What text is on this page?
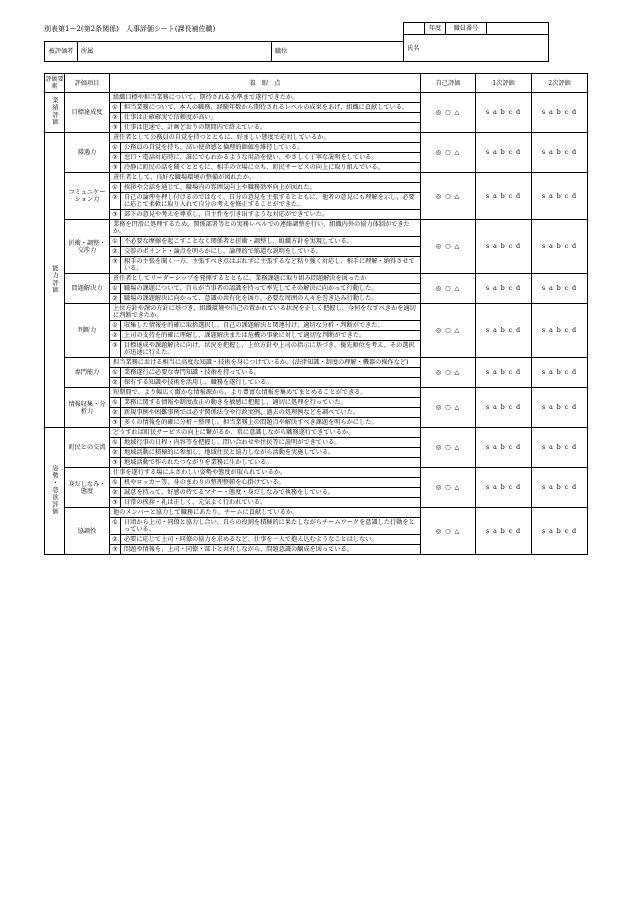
別表第1ー2(第2条関係)　人事評価シート(課長補佐職)
		年度	職員番号	
氏名
被評価者	所属	職位
評価要素	評価項目	着　眼　点		自己評価	1次評価	2次評価
業績評価	目標達成度	組織目標や担当業務について、期待される水準まで遂行できたか。		◎ ○ △	s a b c d	s a b c d
		①	担当業務について、本人の職務、経験年数から期待されるレベルの成果をあげ、組織に貢献している。			
		②	仕事は正確確実で信頼度が高い。			
		③	仕事は迅速で、計画どおりの期間内で終えている。			
能力評価	接遇力	責任者として公務員の自覚を持つとともに、好ましい態度で応対しているか。		◎ ○ △	s a b c d	s a b c d
		①	公務員の自覚を持ち、高い使命感と倫理的価値を維持している。			
		②	窓口・電話対応時に、誰にでもわかるような用語を使い、やさしく丁寧な説明をしている。			
		③	冷静に町民の話を聞くとともに、相手の立場に立ち、町民サービスの向上に取り組んでいる。			
	コミュニケーション力	責任者として、良好な職場環境の整備が図れたか。		◎ ○ △	s a b c d	s a b c d
		①	挨拶や会話を通じて、職場内の雰囲気向上や職務効率向上が図れた。			
		②	自己の論理を押し付けるのではなく、自分の意見を主張するとともに、他者の意見にも理解を示し、必要に応じて柔軟に取り入れて自分の考えを修正することができた。			
		③	部下の意見や考えを尊重し、自主性を引き出すような対応ができていた。			
	折衝・調整・交渉力	業務を円滑に処理するため、関係部署等との実務レベルでの連絡調整を行い、組織内外の協力体制ができたか。		◎ ○ △	s a b c d	s a b c d
		①	不必要な摩擦を起こすことなく関係者と折衝・調整し、組織方針を実現している。			
		②	交渉のポイント・論点を明らかにし、論理的で筋道な説明をしている。			
		③	相手の主張を聞く一方、主張すべき点はぶれずに主張するなど粘り強く対応し、相手に理解・納得させている。			
	問題解決力	責任者としてリーダーシップを発揮するとともに、業務課題に取り組み問題解決を図ったか		◎ ○ △	s a b c d	s a b c d
		①	職場の課題について、自らが当事者の認識を持って率先してその解決に向かって行動した。			
		②	職場の課題解決に向かって、意識の共有化を図り、必要な周囲の人々を巻き込み行動した。			
	判断力	上位方針や課の方針に基づき、組織環境や自己の置かれている状況を正しく把握し、今何をなすべきかを適切に判断できたか。		◎ ○ △	s a b c d	s a b c d
		①	収集した情報を的確に取捨選択し、自己の課題解決と関連付け、適切な分析・判断ができた。			
		②	上司の支持を的確に理解し、課題解決または危機の事象に対して適切な判断ができた。			
		③	目標達成や課題解決に向け、状況を把握し、上位方針や上司の指示に基づき、優先順位を考え、その選択が迅速に行えた。			
	専門能力	担当業務における相当に高度な知識・技術を身につけているか。(法律知識・制度の理解・機器の操作など)		◎ ○ △	s a b c d	s a b c d
		①	業務遂行に必要な専門知識・技術を持っている。			
		②	保有する知識や技術を活用し、職務を遂行している。			
	情報収集・分析力	短期間で、より幅広く緻かな情報源から、より豊富な情報を集めてまとめることができる。		◎ ○ △	s a b c d	s a b c d
		①	業務に関する情報や制度改正の動きを敏感に把握し、適切に処理を行っていた。			
		②	新規事例や困難事例では必ず関係法令や行政実例、過去の処理例などを調べていた。			
		③	多くの情報を的確に分析・整理し、担当業務上の問題点や解決すべき課題を明らかにした。			
姿勢・意欲評価	町民との交流	どうすれば町民サービスの向上に繋がるか、常に意識しながら職務遂行できているか。		◎ ○ △	s a b c d	s a b c d
		①	地域行事の日程・内容等を把握し、問い合わせや住民等に説明ができている。			
		②	地域活動に積極的に参加し、地域住民と協力しながら活動を実施している。			
		③	地域活動で作られたつながりを業務に生かしている。			
	身だしなみ・態度	仕事を遂行する場にふさわしい姿勢や態度が取られているか。		◎ ○ △	s a b c d	s a b c d
		①	机やロッカー等、身のまわりの整理整頓を心掛けている。			
		②	誠意を持って、好感の持てるマナー・態度・身だしなみで執務をしている。			
		③	日常の挨拶・礼は正しく、元気よく行われている。			
	協調性	他のメンバーと協力して職務にあたり、チームに貢献しているか。		◎ ○ △	s a b c d	s a b c d
		①	日頃から上司・同僚と協力し合い、自らの役割を積極的に果たしながらチームワークを意識した行動をとっている。			
		②	必要に応じて上司・同僚の協力を求めるなど、仕事を一人で抱え込むようなことはしない。			
		③	問題や情報を、上司・同僚・部下と共有しながら、問題意識の醸成を図っている。			
